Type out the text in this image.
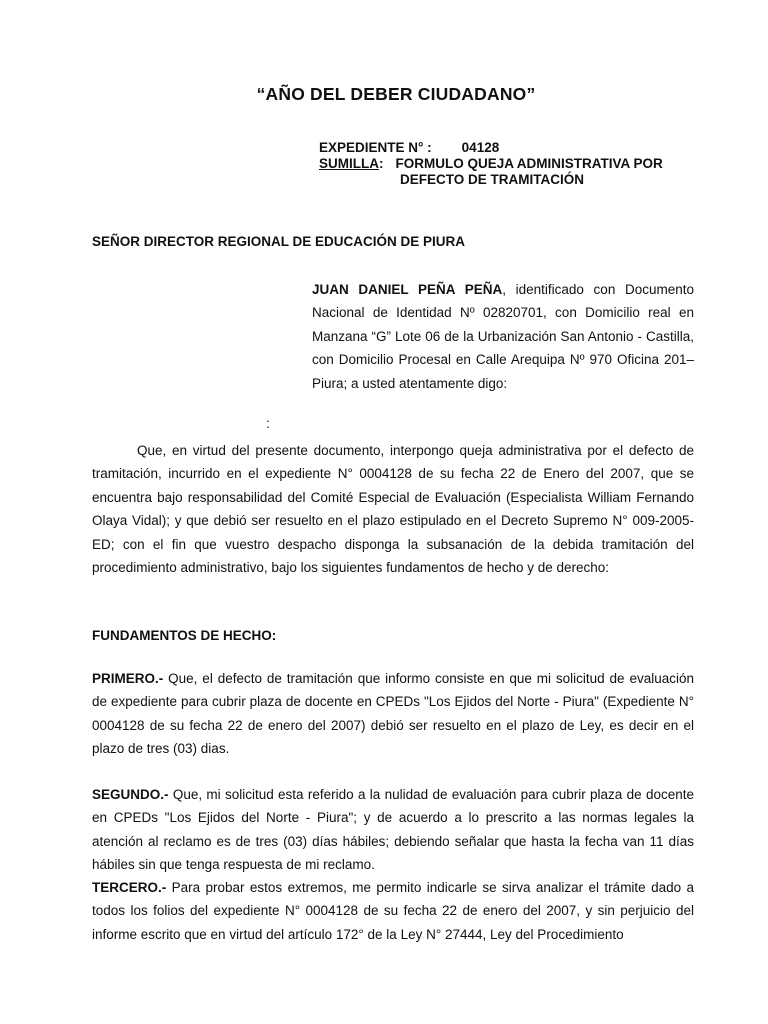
“AÑO DEL DEBER CIUDADANO”
EXPEDIENTE N° : 04128
SUMILLA: FORMULO QUEJA ADMINISTRATIVA POR
DEFECTO DE TRAMITACIÓN
SEÑOR DIRECTOR REGIONAL DE EDUCACIÓN DE PIURA
JUAN DANIEL PEÑA PEÑA, identificado con Documento Nacional de Identidad Nº 02820701, con Domicilio real en Manzana “G” Lote 06 de la Urbanización San Antonio - Castilla, con Domicilio Procesal en Calle Arequipa Nº 970 Oficina 201– Piura; a usted atentamente digo:
:

Que, en virtud del presente documento, interpongo queja administrativa por el defecto de tramitación, incurrido en el expediente N° 0004128 de su fecha 22 de Enero del 2007, que se encuentra bajo responsabilidad del Comité Especial de Evaluación (Especialista William Fernando Olaya Vidal); y que debió ser resuelto en el plazo estipulado en el Decreto Supremo N° 009-2005-ED; con el fin que vuestro despacho disponga la subsanación de la debida tramitación del procedimiento administrativo, bajo los siguientes fundamentos de hecho y de derecho:

FUNDAMENTOS DE HECHO:

PRIMERO.- Que, el defecto de tramitación que informo consiste en que mi solicitud de evaluación de expediente para cubrir plaza de docente en CPEDs "Los Ejidos del Norte - Piura" (Expediente N° 0004128 de su fecha 22 de enero del 2007) debió ser resuelto en el plazo de Ley, es decir en el plazo de tres (03) dias.

SEGUNDO.- Que, mi solicitud esta referido a la nulidad de evaluación para cubrir plaza de docente en CPEDs "Los Ejidos del Norte - Piura"; y de acuerdo a lo prescrito a las normas legales la atención al reclamo es de tres (03) días hábiles; debiendo señalar que hasta la fecha van 11 días hábiles sin que tenga respuesta de mi reclamo.

TERCERO.- Para probar estos extremos, me permito indicarle se sirva analizar el trámite dado a todos los folios del expediente N° 0004128 de su fecha 22 de enero del 2007, y sin perjuicio del informe escrito que en virtud del artículo 172° de la Ley N° 27444, Ley del Procedimiento
